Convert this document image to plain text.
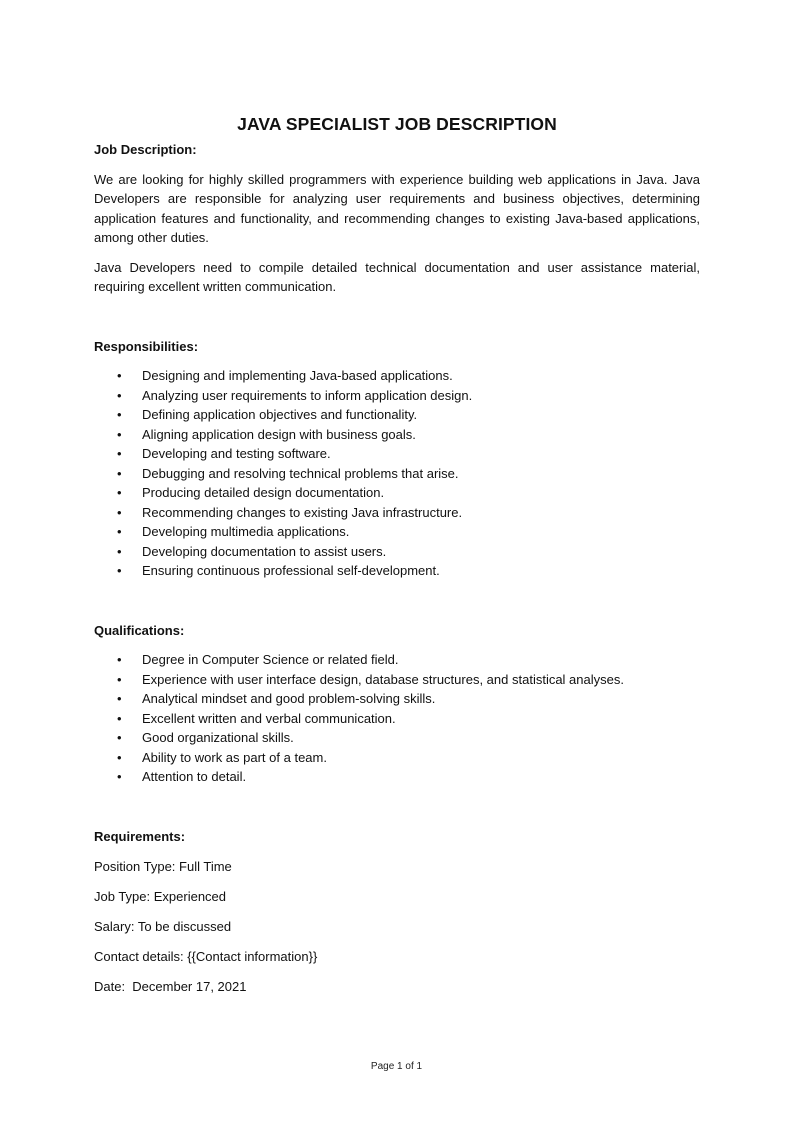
JAVA SPECIALIST JOB DESCRIPTION

Job Description:

We are looking for highly skilled programmers with experience building web applications in Java. Java Developers are responsible for analyzing user requirements and business objectives, determining application features and functionality, and recommending changes to existing Java-based applications, among other duties.

Java Developers need to compile detailed technical documentation and user assistance material, requiring excellent written communication.

Responsibilities:

• Designing and implementing Java-based applications.
• Analyzing user requirements to inform application design.
• Defining application objectives and functionality.
• Aligning application design with business goals.
• Developing and testing software.
• Debugging and resolving technical problems that arise.
• Producing detailed design documentation.
• Recommending changes to existing Java infrastructure.
• Developing multimedia applications.
• Developing documentation to assist users.
• Ensuring continuous professional self-development.

Qualifications:

• Degree in Computer Science or related field.
• Experience with user interface design, database structures, and statistical analyses.
• Analytical mindset and good problem-solving skills.
• Excellent written and verbal communication.
• Good organizational skills.
• Ability to work as part of a team.
• Attention to detail.

Requirements:

Position Type: Full Time

Job Type: Experienced

Salary: To be discussed

Contact details: {{Contact information}}

Date:  December 17, 2021

Page 1 of 1
